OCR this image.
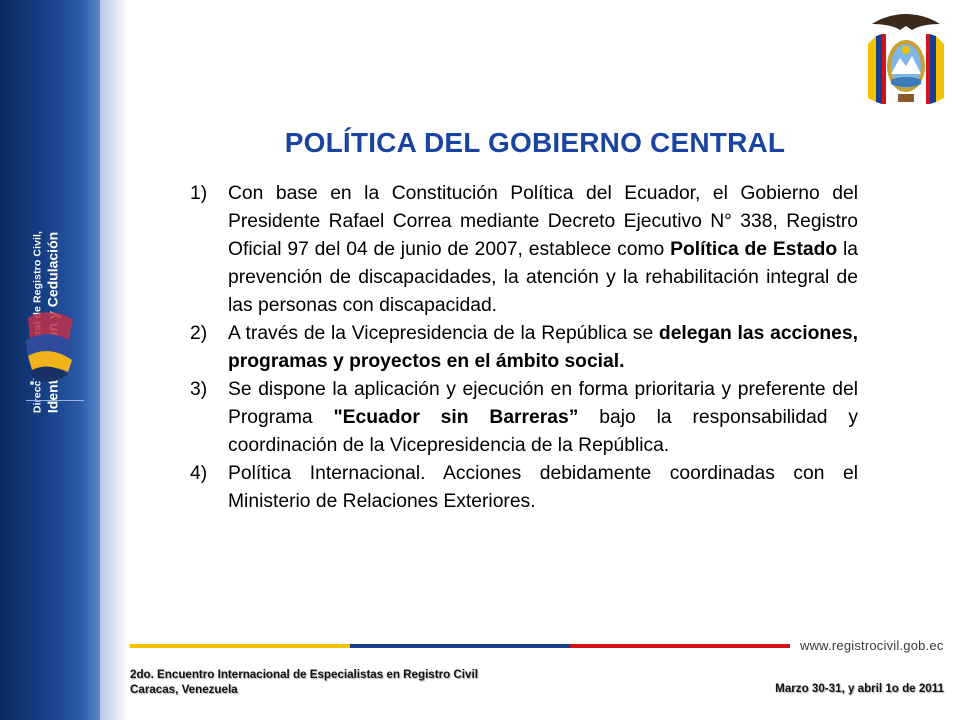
POLÍTICA DEL GOBIERNO CENTRAL
1) Con base en la Constitución Política del Ecuador, el Gobierno del Presidente Rafael Correa mediante Decreto Ejecutivo N° 338, Registro Oficial 97 del 04 de junio de 2007, establece como Política de Estado la prevención de discapacidades, la atención y la rehabilitación integral de las personas con discapacidad.
2) A través de la Vicepresidencia de la República se delegan las acciones, programas y proyectos en el ámbito social.
3) Se dispone la aplicación y ejecución en forma prioritaria y preferente del Programa "Ecuador sin Barreras” bajo la responsabilidad y coordinación de la Vicepresidencia de la República.
4) Política Internacional. Acciones debidamente coordinadas con el Ministerio de Relaciones Exteriores.
www.registrocivil.gob.ec
2do. Encuentro Internacional de Especialistas en Registro Civil
Caracas, Venezuela	Marzo 30-31, y abril 1o de 2011
